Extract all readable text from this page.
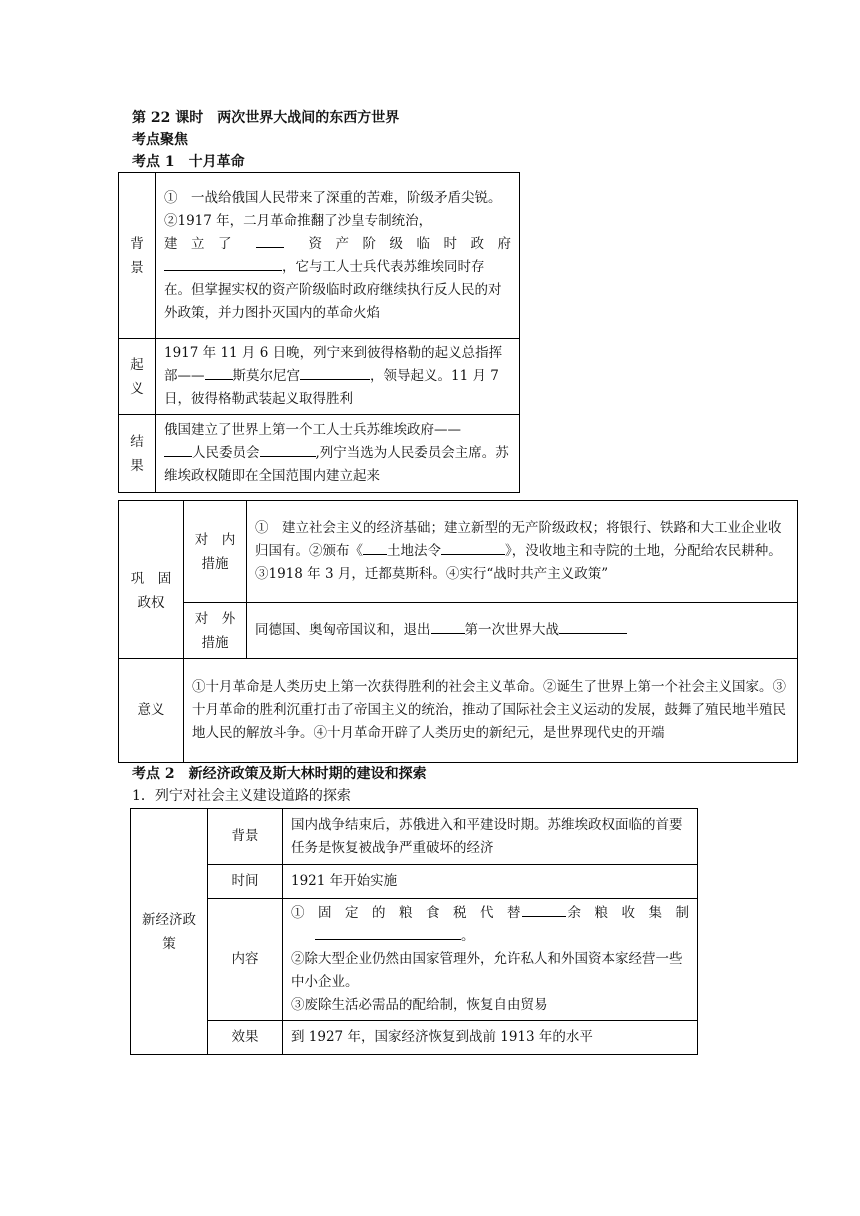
第 22 课时　两次世界大战间的东西方世界
考点聚焦
考点 1　十月革命
背景	①　一战给俄国人民带来了深重的苦难，阶级矛盾尖锐。②1917 年，二月革命推翻了沙皇专制统治，

建　立　了 资　产　阶　级　临　时　政　府
，它与工人士兵代表苏维埃同时存在。但掌握实权的资产阶级临时政府继续执行反人民的对外政策，并力图扑灭国内的革命火焰
起义	1917 年 11 月 6 日晚，列宁来到彼得格勒的起义总指挥部—— 斯莫尔尼宫 ，领导起义。11 月 7 日，彼得格勒武装起义取得胜利
结果	俄国建立了世界上第一个工人士兵苏维埃政府——
人民委员会 ,列宁当选为人民委员会主席。苏维埃政权随即在全国范围内建立起来
巩　固政权	对　内措施	①　建立社会主义的经济基础；建立新型的无产阶级政权；将银行、铁路和大工业企业收归国有。②颁布《 土地法令 》，没收地主和寺院的土地，分配给农民耕种。③1918 年 3 月，迁都莫斯科。④实行“战时共产主义政策”
	对　外措施	同德国、奥匈帝国议和，退出 第一次世界大战
意义	①十月革命是人类历史上第一次获得胜利的社会主义革命。②诞生了世界上第一个社会主义国家。③十月革命的胜利沉重打击了帝国主义的统治，推动了国际社会主义运动的发展，鼓舞了殖民地半殖民地人民的解放斗争。④十月革命开辟了人类历史的新纪元，是世界现代史的开端	
考点 2　新经济政策及斯大林时期的建设和探索
1．列宁对社会主义建设道路的探索
新经济政策	背景	国内战争结束后，苏俄进入和平建设时期。苏维埃政权面临的首要任务是恢复被战争严重破坏的经济
	时间	1921 年开始实施
	内容	①　固　定　的　粮　食　税　代　替 余　粮　收　集　制
。
②除大型企业仍然由国家管理外，允许私人和外国资本家经营一些中小企业。
③废除生活必需品的配给制，恢复自由贸易
	效果	到 1927 年，国家经济恢复到战前 1913 年的水平
